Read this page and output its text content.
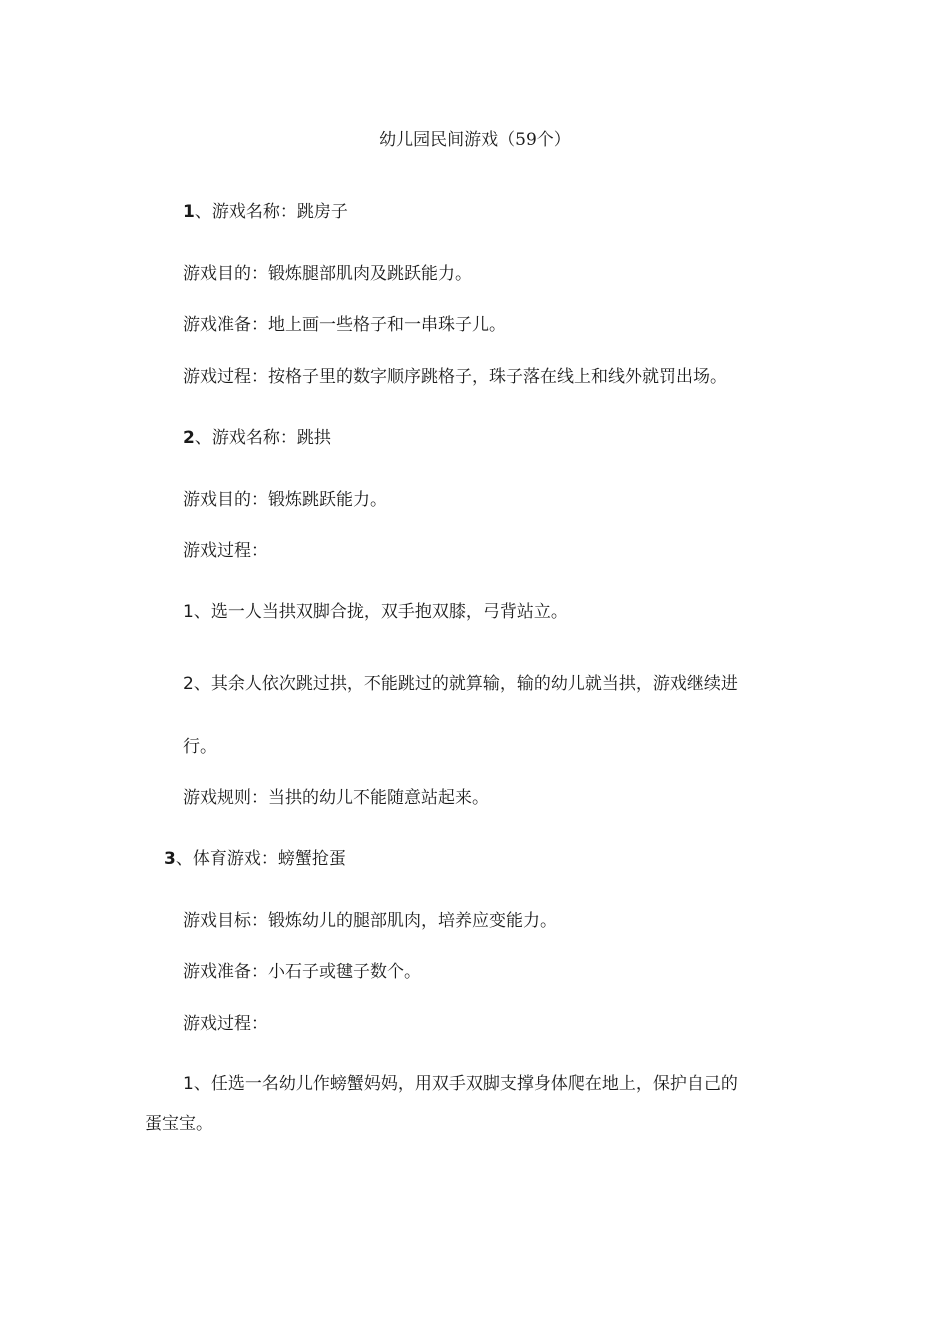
幼儿园民间游戏（59个）
1、游戏名称：跳房子
游戏目的：锻炼腿部肌肉及跳跃能力。
游戏准备：地上画一些格子和一串珠子儿。
游戏过程：按格子里的数字顺序跳格子，珠子落在线上和线外就罚出场。
2、游戏名称：跳拱
游戏目的：锻炼跳跃能力。
游戏过程：
1、选一人当拱双脚合拢，双手抱双膝，弓背站立。
2、其余人依次跳过拱，不能跳过的就算输，输的幼儿就当拱，游戏继续进
行。
游戏规则：当拱的幼儿不能随意站起来。
3、体育游戏：螃蟹抢蛋
游戏目标：锻炼幼儿的腿部肌肉，培养应变能力。
游戏准备：小石子或毽子数个。
游戏过程：
1、任选一名幼儿作螃蟹妈妈，用双手双脚支撑身体爬在地上，保护自己的
蛋宝宝。
